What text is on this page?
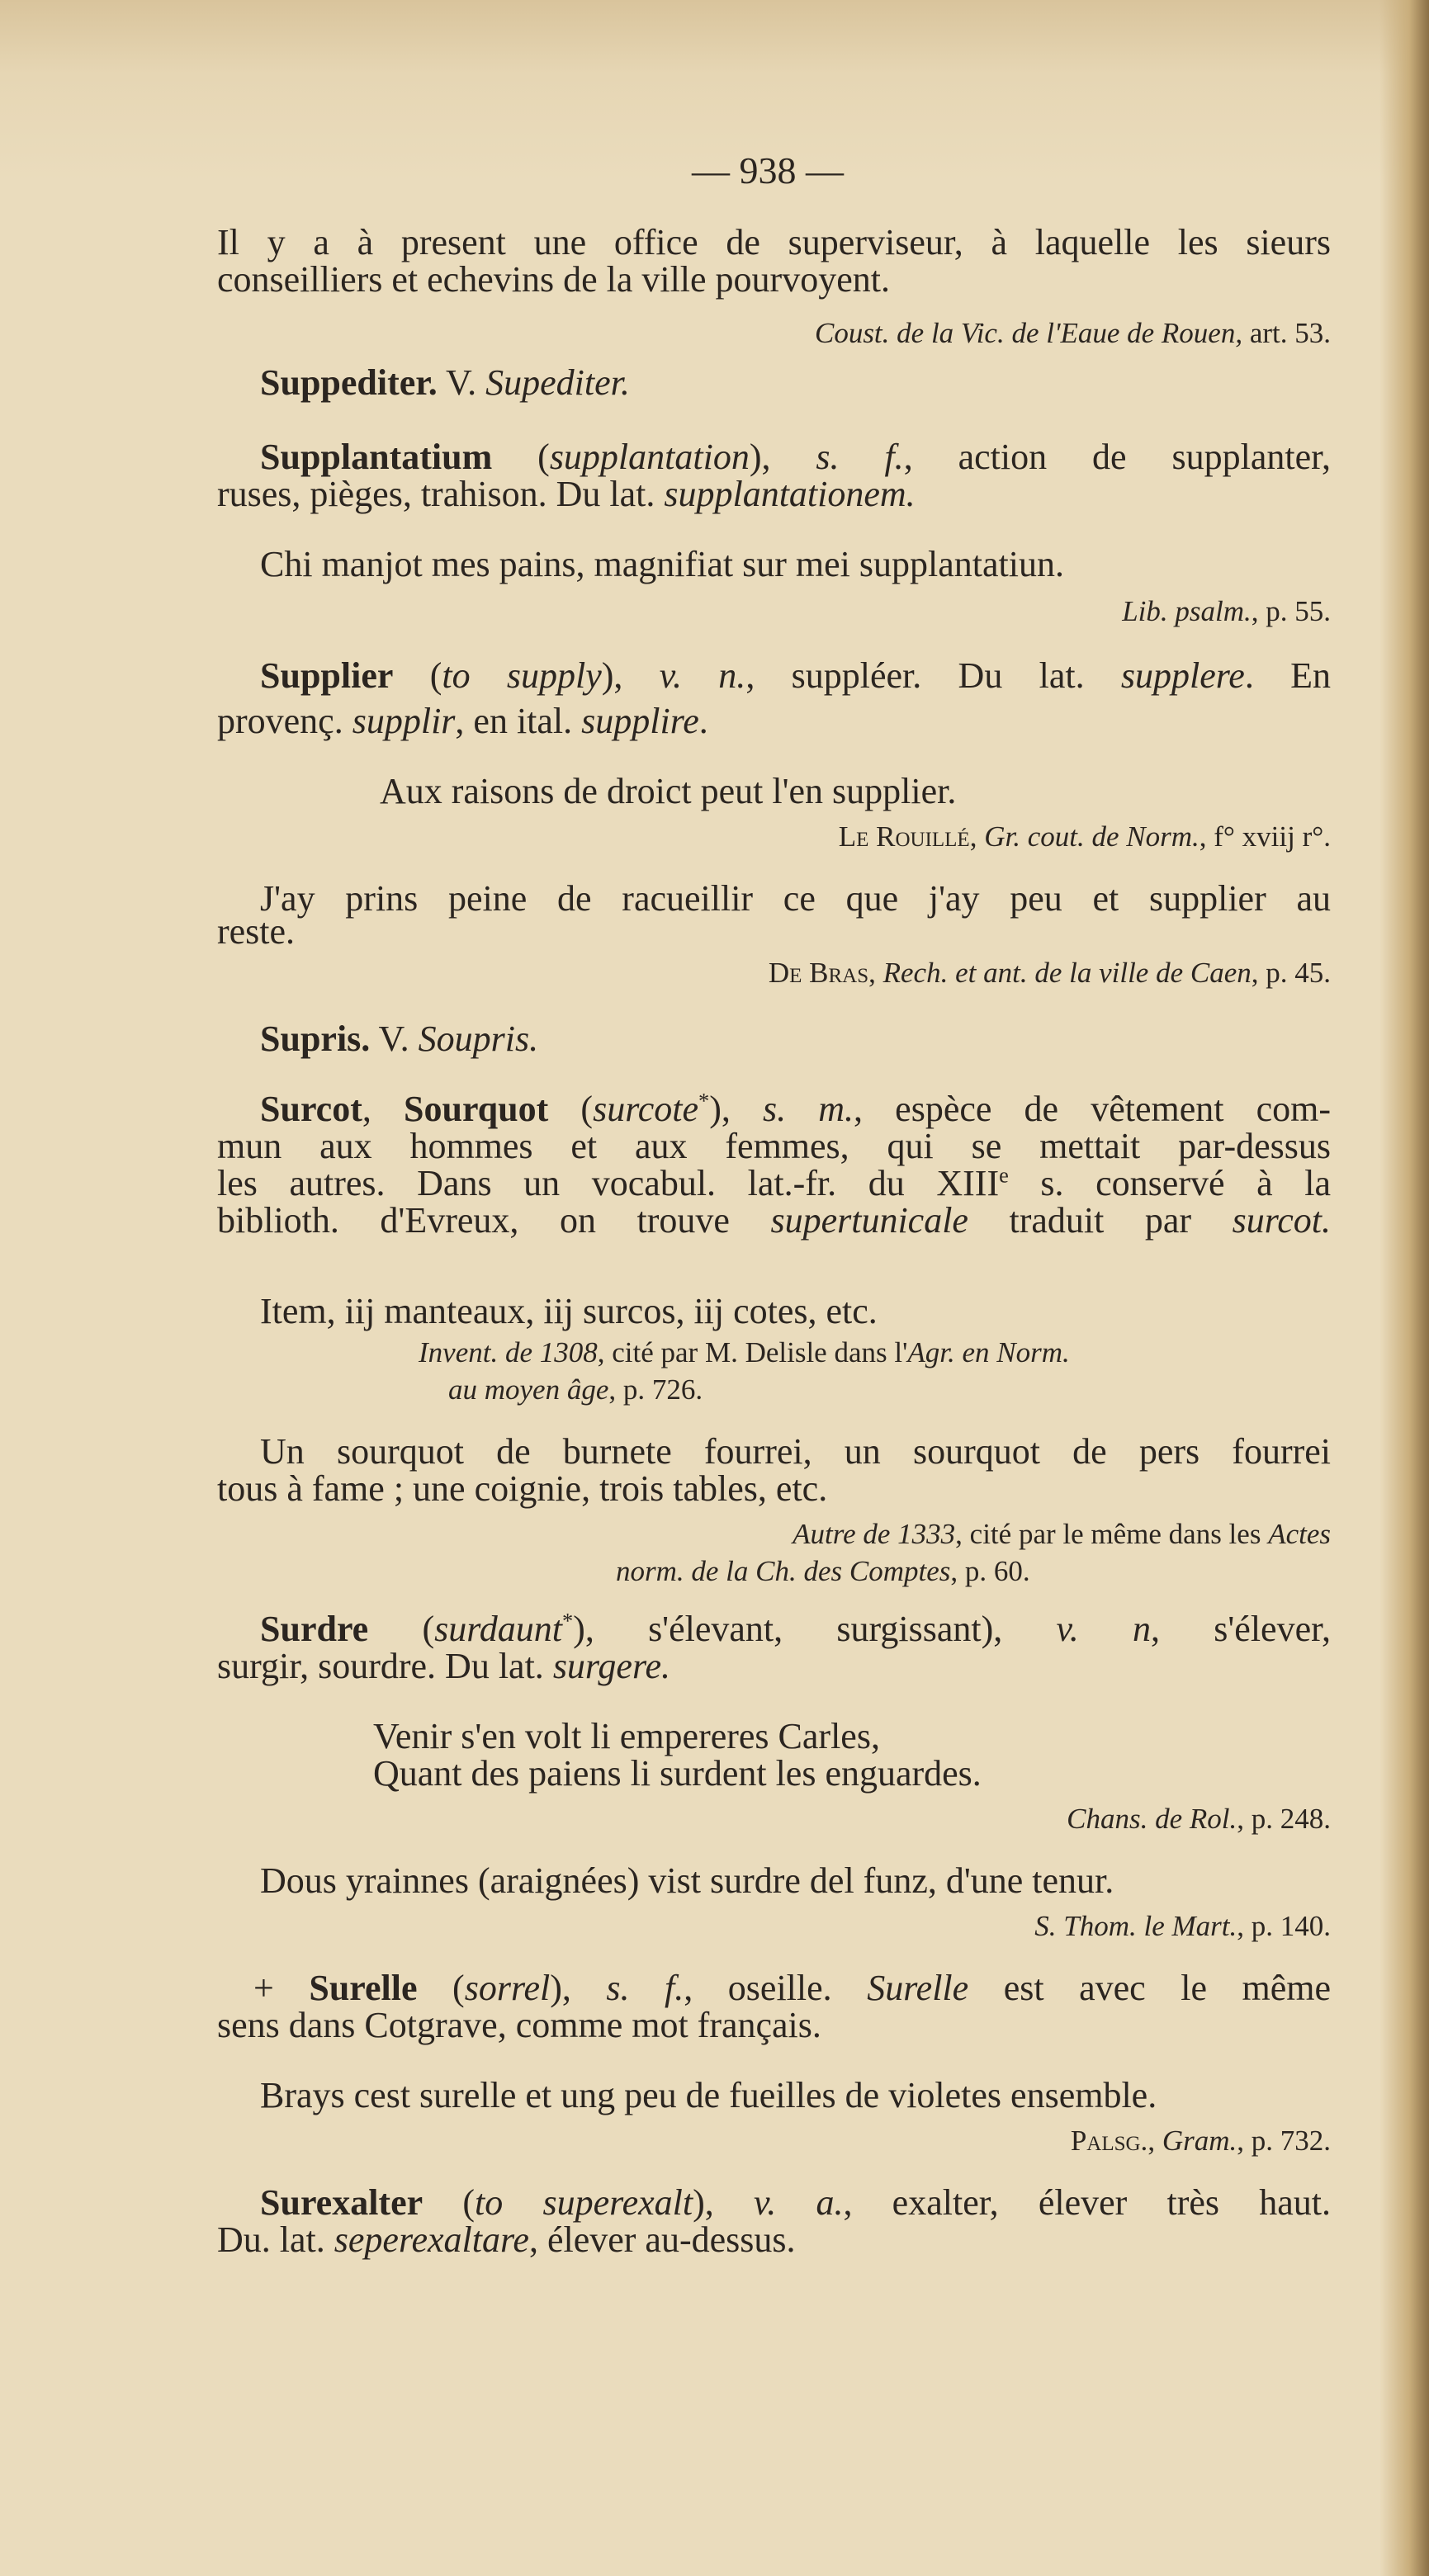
— 938 —
Il y a à present une office de superviseur, à laquelle les sieurs
conseilliers et echevins de la ville pourvoyent.
Coust. de la Vic. de l'Eaue de Rouen, art. 53.
Suppediter. V. Supediter.
Supplantatium (supplantation), s. f., action de supplanter,
ruses, pièges, trahison. Du lat. supplantationem.
Chi manjot mes pains, magnifiat sur mei supplantatiun.
Lib. psalm., p. 55.
Supplier (to supply), v. n., suppléer. Du lat. supplere. En
provenç. supplir, en ital. supplire.
Aux raisons de droict peut l'en supplier.
Le Rouillé, Gr. cout. de Norm., f° xviij r°.
J'ay prins peine de racueillir ce que j'ay peu et supplier au
reste.
De Bras, Rech. et ant. de la ville de Caen, p. 45.
Supris. V. Soupris.
Surcot, Sourquot (surcote*), s. m., espèce de vêtement com-
mun aux hommes et aux femmes, qui se mettait par-dessus
les autres. Dans un vocabul. lat.-fr. du XIIIe s. conservé à la
biblioth. d'Evreux, on trouve supertunicale traduit par surcot.
Item, iij manteaux, iij surcos, iij cotes, etc.
Invent. de 1308, cité par M. Delisle dans l'Agr. en Norm.
au moyen âge, p. 726.
Un sourquot de burnete fourrei, un sourquot de pers fourrei
tous à fame ; une coignie, trois tables, etc.
Autre de 1333, cité par le même dans les Actes
norm. de la Ch. des Comptes, p. 60.
Surdre (surdaunt*), s'élevant, surgissant), v. n, s'élever,
surgir, sourdre. Du lat. surgere.
Venir s'en volt li empereres Carles,
Quant des paiens li surdent les enguardes.
Chans. de Rol., p. 248.
Dous yrainnes (araignées) vist surdre del funz, d'une tenur.
S. Thom. le Mart., p. 140.
+ Surelle (sorrel), s. f., oseille. Surelle est avec le même
sens dans Cotgrave, comme mot français.
Brays cest surelle et ung peu de fueilles de violetes ensemble.
Palsg., Gram., p. 732.
Surexalter (to superexalt), v. a., exalter, élever très haut.
Du. lat. seperexaltare, élever au-dessus.
